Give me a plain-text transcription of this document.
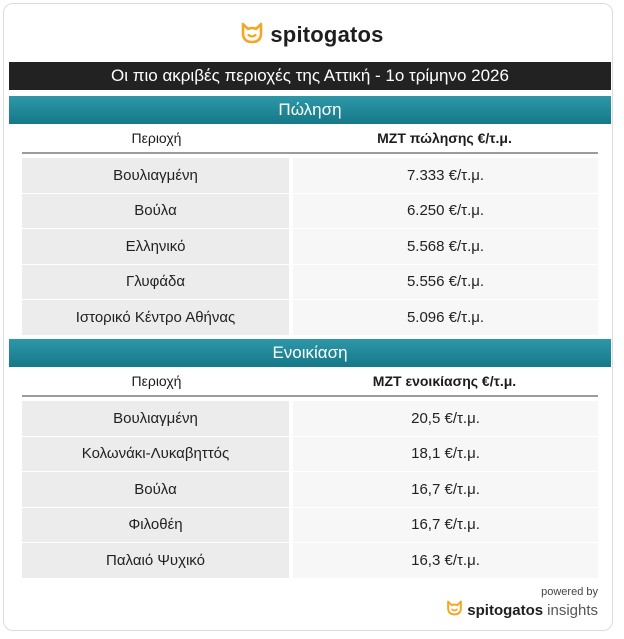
spitogatos
Οι πιο ακριβές περιοχές της Αττική - 1ο τρίμηνο 2026
Πώληση
Περιοχή	ΜΖΤ πώλησης €/τ.μ.
Βουλιαγμένη	7.333 €/τ.μ.
Βούλα	6.250 €/τ.μ.
Ελληνικό	5.568 €/τ.μ.
Γλυφάδα	5.556 €/τ.μ.
Ιστορικό Κέντρο Αθήνας	5.096 €/τ.μ.
Ενοικίαση
Περιοχή	ΜΖΤ ενοικίασης €/τ.μ.
Βουλιαγμένη	20,5 €/τ.μ.
Κολωνάκι-Λυκαβηττός	18,1 €/τ.μ.
Βούλα	16,7 €/τ.μ.
Φιλοθέη	16,7 €/τ.μ.
Παλαιό Ψυχικό	16,3 €/τ.μ.
powered by
spitogatos insights
